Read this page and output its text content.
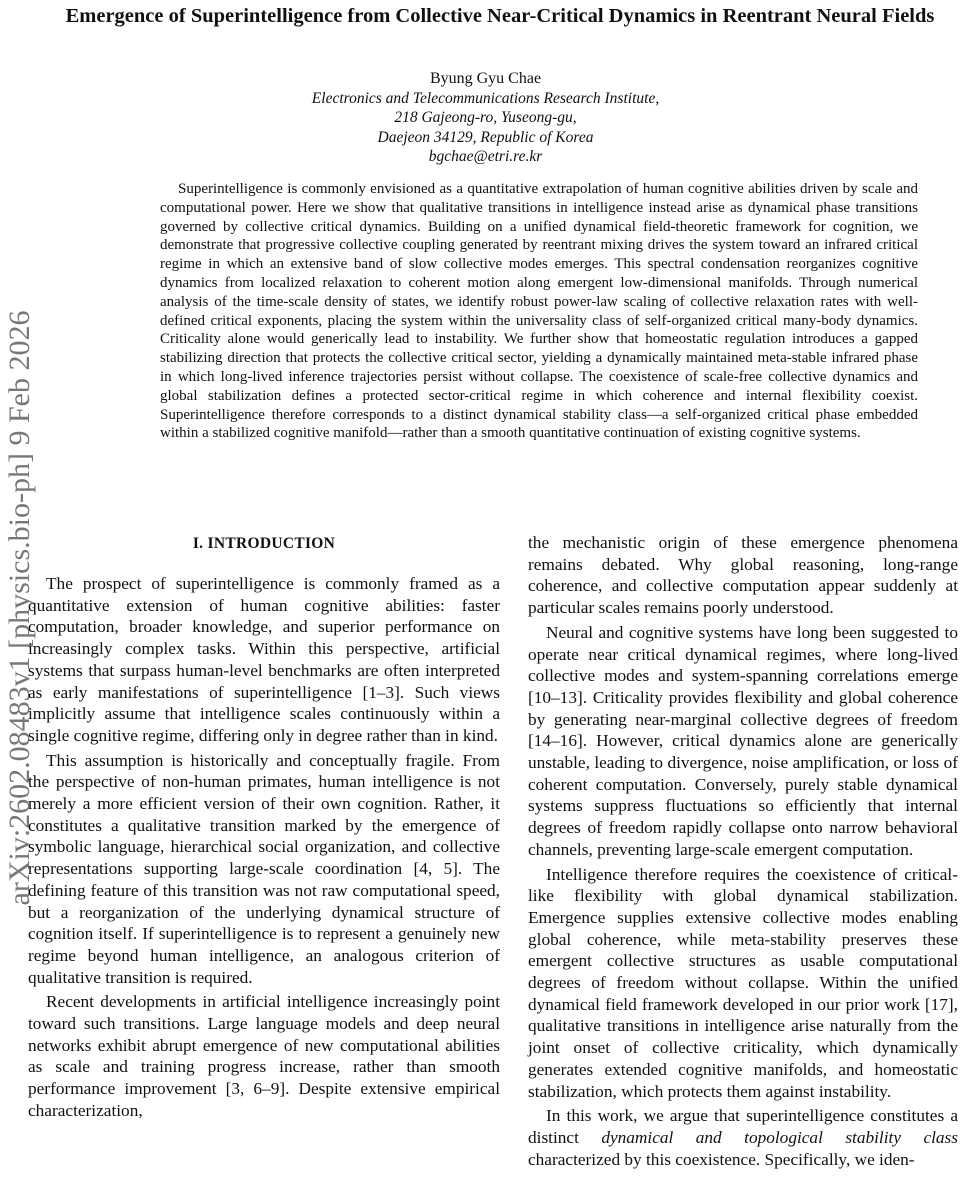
arXiv:2602.08483v1 [physics.bio-ph] 9 Feb 2026
Emergence of Superintelligence from Collective Near-Critical Dynamics in Reentrant Neural Fields
Byung Gyu Chae
Electronics and Telecommunications Research Institute,
218 Gajeong-ro, Yuseong-gu,
Daejeon 34129, Republic of Korea
bgchae@etri.re.kr

Superintelligence is commonly envisioned as a quantitative extrapolation of human cognitive abilities driven by scale and computational power. Here we show that qualitative transitions in intelligence instead arise as dynamical phase transitions governed by collective critical dynamics. Building on a unified dynamical field-theoretic framework for cognition, we demonstrate that progressive collective coupling generated by reentrant mixing drives the system toward an infrared critical regime in which an extensive band of slow collective modes emerges. This spectral condensation reorganizes cognitive dynamics from localized relaxation to coherent motion along emergent low-dimensional manifolds. Through numerical analysis of the time-scale density of states, we identify robust power-law scaling of collective relaxation rates with well-defined critical exponents, placing the system within the universality class of self-organized critical many-body dynamics. Criticality alone would generically lead to instability. We further show that homeostatic regulation introduces a gapped stabilizing direction that protects the collective critical sector, yielding a dynamically maintained meta-stable infrared phase in which long-lived inference trajectories persist without collapse. The coexistence of scale-free collective dynamics and global stabilization defines a protected sector-critical regime in which coherence and internal flexibility coexist. Superintelligence therefore corresponds to a distinct dynamical stability class—a self-organized critical phase embedded within a stabilized cognitive manifold—rather than a smooth quantitative continuation of existing cognitive systems.

I. INTRODUCTION

The prospect of superintelligence is commonly framed as a quantitative extension of human cognitive abilities: faster computation, broader knowledge, and superior performance on increasingly complex tasks. Within this perspective, artificial systems that surpass human-level benchmarks are often interpreted as early manifestations of superintelligence [1–3]. Such views implicitly assume that intelligence scales continuously within a single cognitive regime, differing only in degree rather than in kind.

This assumption is historically and conceptually fragile. From the perspective of non-human primates, human intelligence is not merely a more efficient version of their own cognition. Rather, it constitutes a qualitative transition marked by the emergence of symbolic language, hierarchical social organization, and collective representations supporting large-scale coordination [4, 5]. The defining feature of this transition was not raw computational speed, but a reorganization of the underlying dynamical structure of cognition itself. If superintelligence is to represent a genuinely new regime beyond human intelligence, an analogous criterion of qualitative transition is required.

Recent developments in artificial intelligence increasingly point toward such transitions. Large language models and deep neural networks exhibit abrupt emergence of new computational abilities as scale and training progress increase, rather than smooth performance improvement [3, 6–9]. Despite extensive empirical characterization,

the mechanistic origin of these emergence phenomena remains debated. Why global reasoning, long-range coherence, and collective computation appear suddenly at particular scales remains poorly understood.

Neural and cognitive systems have long been suggested to operate near critical dynamical regimes, where long-lived collective modes and system-spanning correlations emerge [10–13]. Criticality provides flexibility and global coherence by generating near-marginal collective degrees of freedom [14–16]. However, critical dynamics alone are generically unstable, leading to divergence, noise amplification, or loss of coherent computation. Conversely, purely stable dynamical systems suppress fluctuations so efficiently that internal degrees of freedom rapidly collapse onto narrow behavioral channels, preventing large-scale emergent computation.

Intelligence therefore requires the coexistence of critical-like flexibility with global dynamical stabilization. Emergence supplies extensive collective modes enabling global coherence, while meta-stability preserves these emergent collective structures as usable computational degrees of freedom without collapse. Within the unified dynamical field framework developed in our prior work [17], qualitative transitions in intelligence arise naturally from the joint onset of collective criticality, which dynamically generates extended cognitive manifolds, and homeostatic stabilization, which protects them against instability.

In this work, we argue that superintelligence constitutes a distinct dynamical and topological stability class characterized by this coexistence. Specifically, we iden-
